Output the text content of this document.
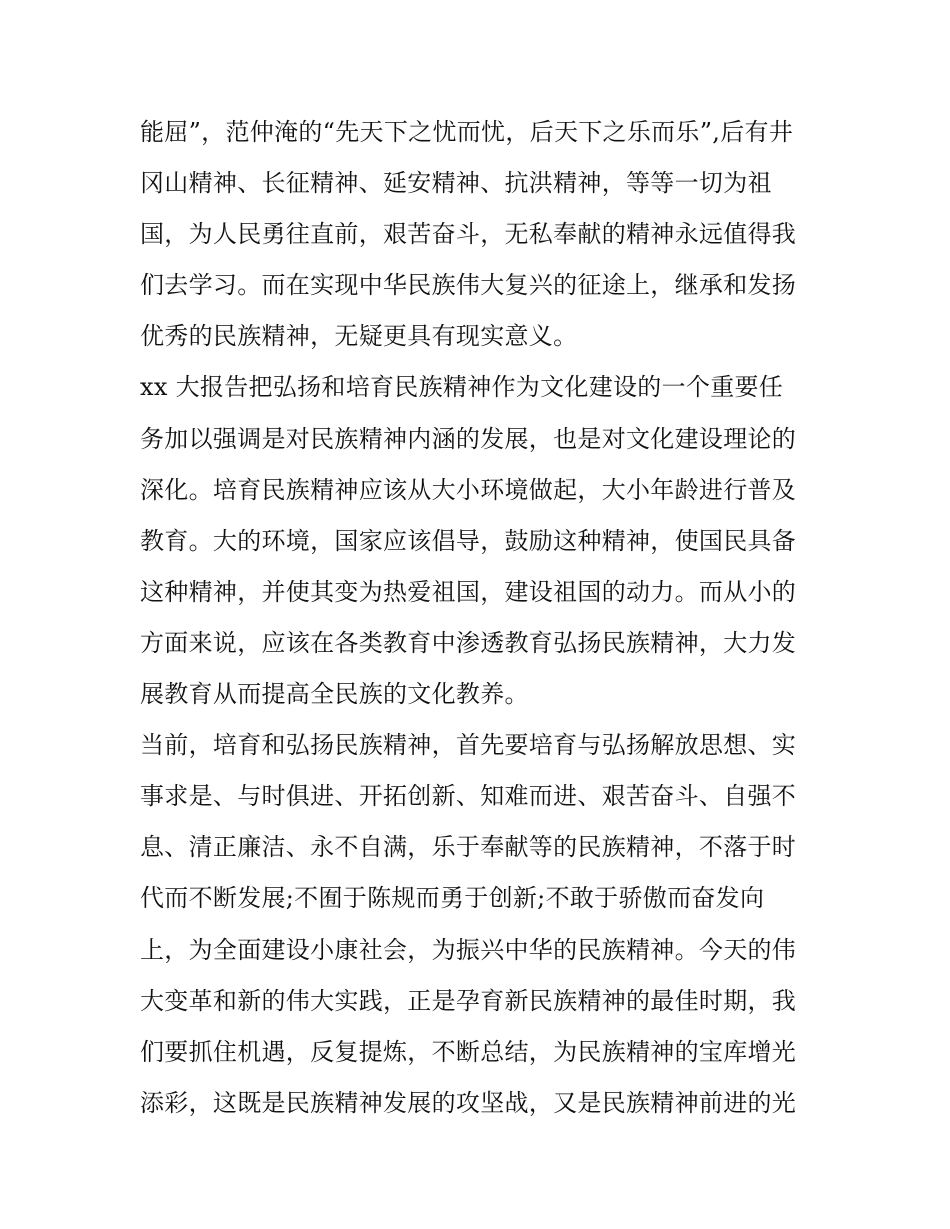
能屈”，范仲淹的“先天下之忧而忧，后天下之乐而乐”,后有井
冈山精神、长征精神、延安精神、抗洪精神，等等一切为祖
国，为人民勇往直前，艰苦奋斗，无私奉献的精神永远值得我
们去学习。而在实现中华民族伟大复兴的征途上，继承和发扬
优秀的民族精神，无疑更具有现实意义。
xx 大报告把弘扬和培育民族精神作为文化建设的一个重要任
务加以强调是对民族精神内涵的发展，也是对文化建设理论的
深化。培育民族精神应该从大小环境做起，大小年龄进行普及
教育。大的环境，国家应该倡导，鼓励这种精神，使国民具备
这种精神，并使其变为热爱祖国，建设祖国的动力。而从小的
方面来说，应该在各类教育中渗透教育弘扬民族精神，大力发
展教育从而提高全民族的文化教养。
当前，培育和弘扬民族精神，首先要培育与弘扬解放思想、实
事求是、与时俱进、开拓创新、知难而进、艰苦奋斗、自强不
息、清正廉洁、永不自满，乐于奉献等的民族精神，不落于时
代而不断发展;不囿于陈规而勇于创新;不敢于骄傲而奋发向
上，为全面建设小康社会，为振兴中华的民族精神。今天的伟
大变革和新的伟大实践，正是孕育新民族精神的最佳时期，我
们要抓住机遇，反复提炼，不断总结，为民族精神的宝库增光
添彩，这既是民族精神发展的攻坚战，又是民族精神前进的光
